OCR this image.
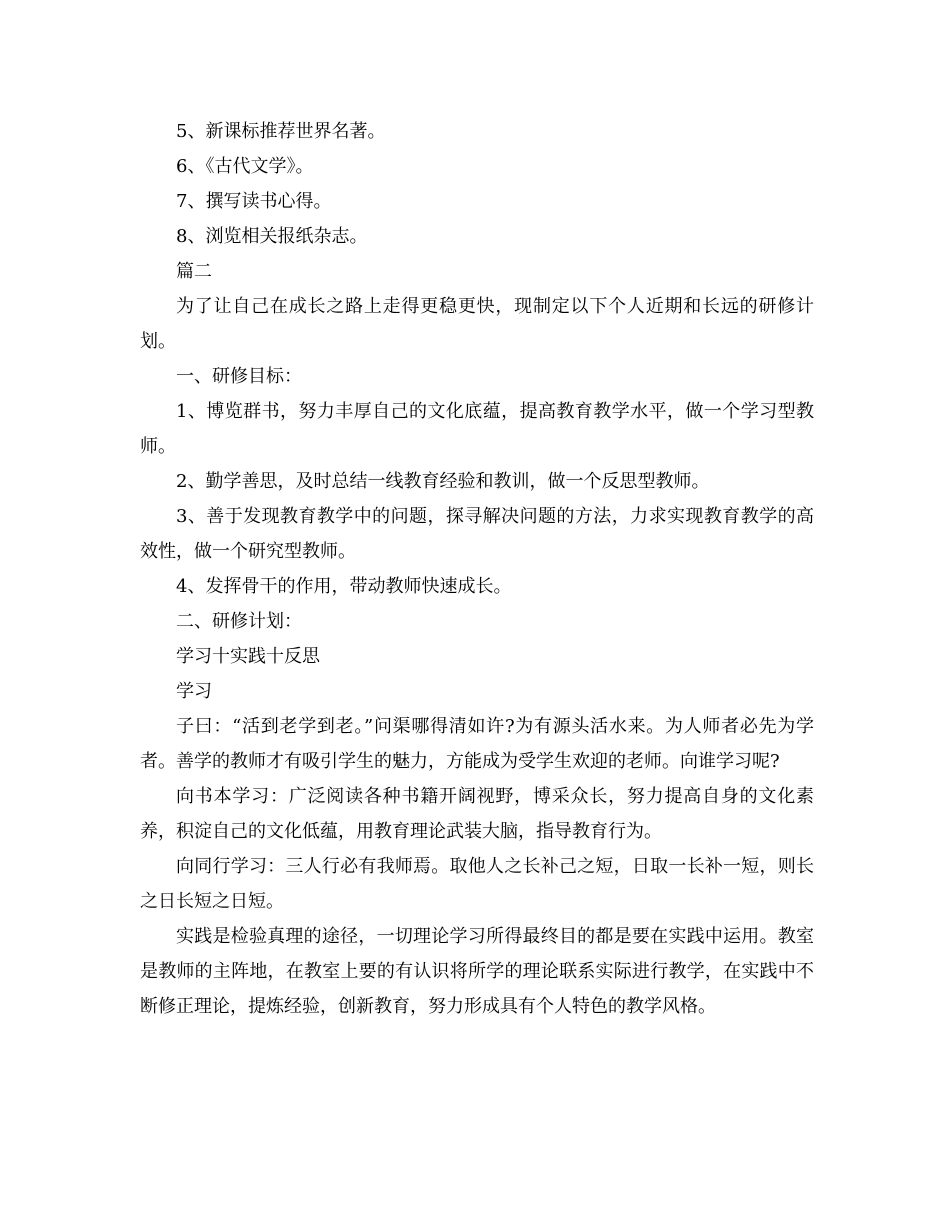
5、新课标推荐世界名著。

6、《古代文学》。

7、撰写读书心得。

8、浏览相关报纸杂志。

篇二

为了让自己在成长之路上走得更稳更快，现制定以下个人近期和长远的研修计划。

一、研修目标：

1、博览群书，努力丰厚自己的文化底蕴，提高教育教学水平，做一个学习型教师。

2、勤学善思，及时总结一线教育经验和教训，做一个反思型教师。

3、善于发现教育教学中的问题，探寻解决问题的方法，力求实现教育教学的高效性，做一个研究型教师。

4、发挥骨干的作用，带动教师快速成长。

二、研修计划：

学习十实践十反思

学习

子曰：“活到老学到老。”问渠哪得清如许?为有源头活水来。为人师者必先为学者。善学的教师才有吸引学生的魅力，方能成为受学生欢迎的老师。向谁学习呢?

向书本学习：广泛阅读各种书籍开阔视野，博采众长，努力提高自身的文化素养，积淀自己的文化低蕴，用教育理论武装大脑，指导教育行为。

向同行学习：三人行必有我师焉。取他人之长补己之短，日取一长补一短，则长之日长短之日短。

实践是检验真理的途径，一切理论学习所得最终目的都是要在实践中运用。教室是教师的主阵地，在教室上要的有认识将所学的理论联系实际进行教学，在实践中不断修正理论，提炼经验，创新教育，努力形成具有个人特色的教学风格。
